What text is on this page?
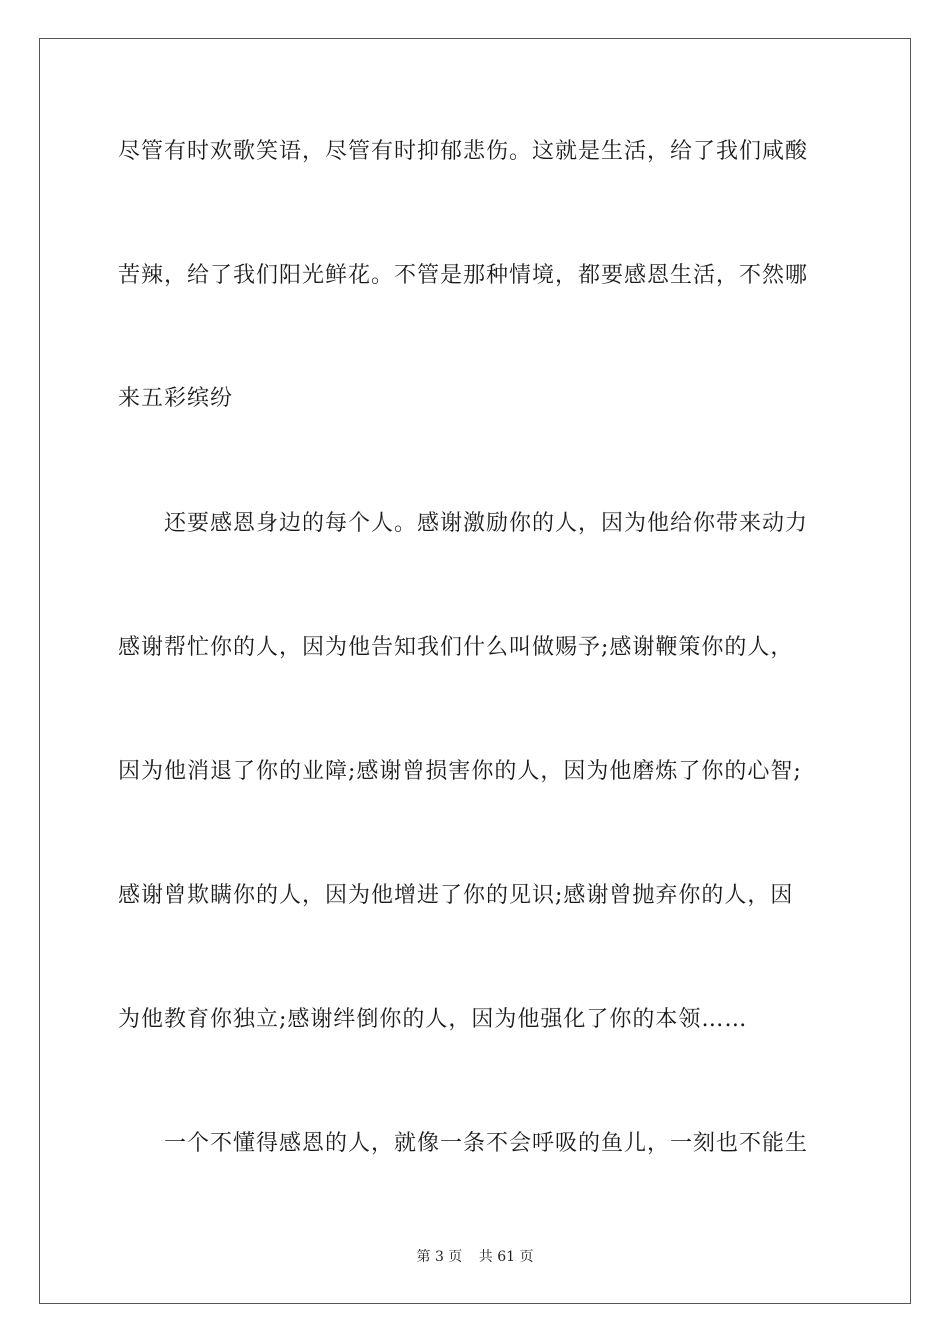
尽管有时欢歌笑语，尽管有时抑郁悲伤。这就是生活，给了我们咸酸
苦辣，给了我们阳光鲜花。不管是那种情境，都要感恩生活，不然哪
来五彩缤纷
　　还要感恩身边的每个人。感谢激励你的人，因为他给你带来动力
感谢帮忙你的人，因为他告知我们什么叫做赐予;感谢鞭策你的人，
因为他消退了你的业障;感谢曾损害你的人，因为他磨炼了你的心智;
感谢曾欺瞒你的人，因为他增进了你的见识;感谢曾抛弃你的人，因
为他教育你独立;感谢绊倒你的人，因为他强化了你的本领……
　　一个不懂得感恩的人，就像一条不会呼吸的鱼儿，一刻也不能生
第 3 页 共 61 页
